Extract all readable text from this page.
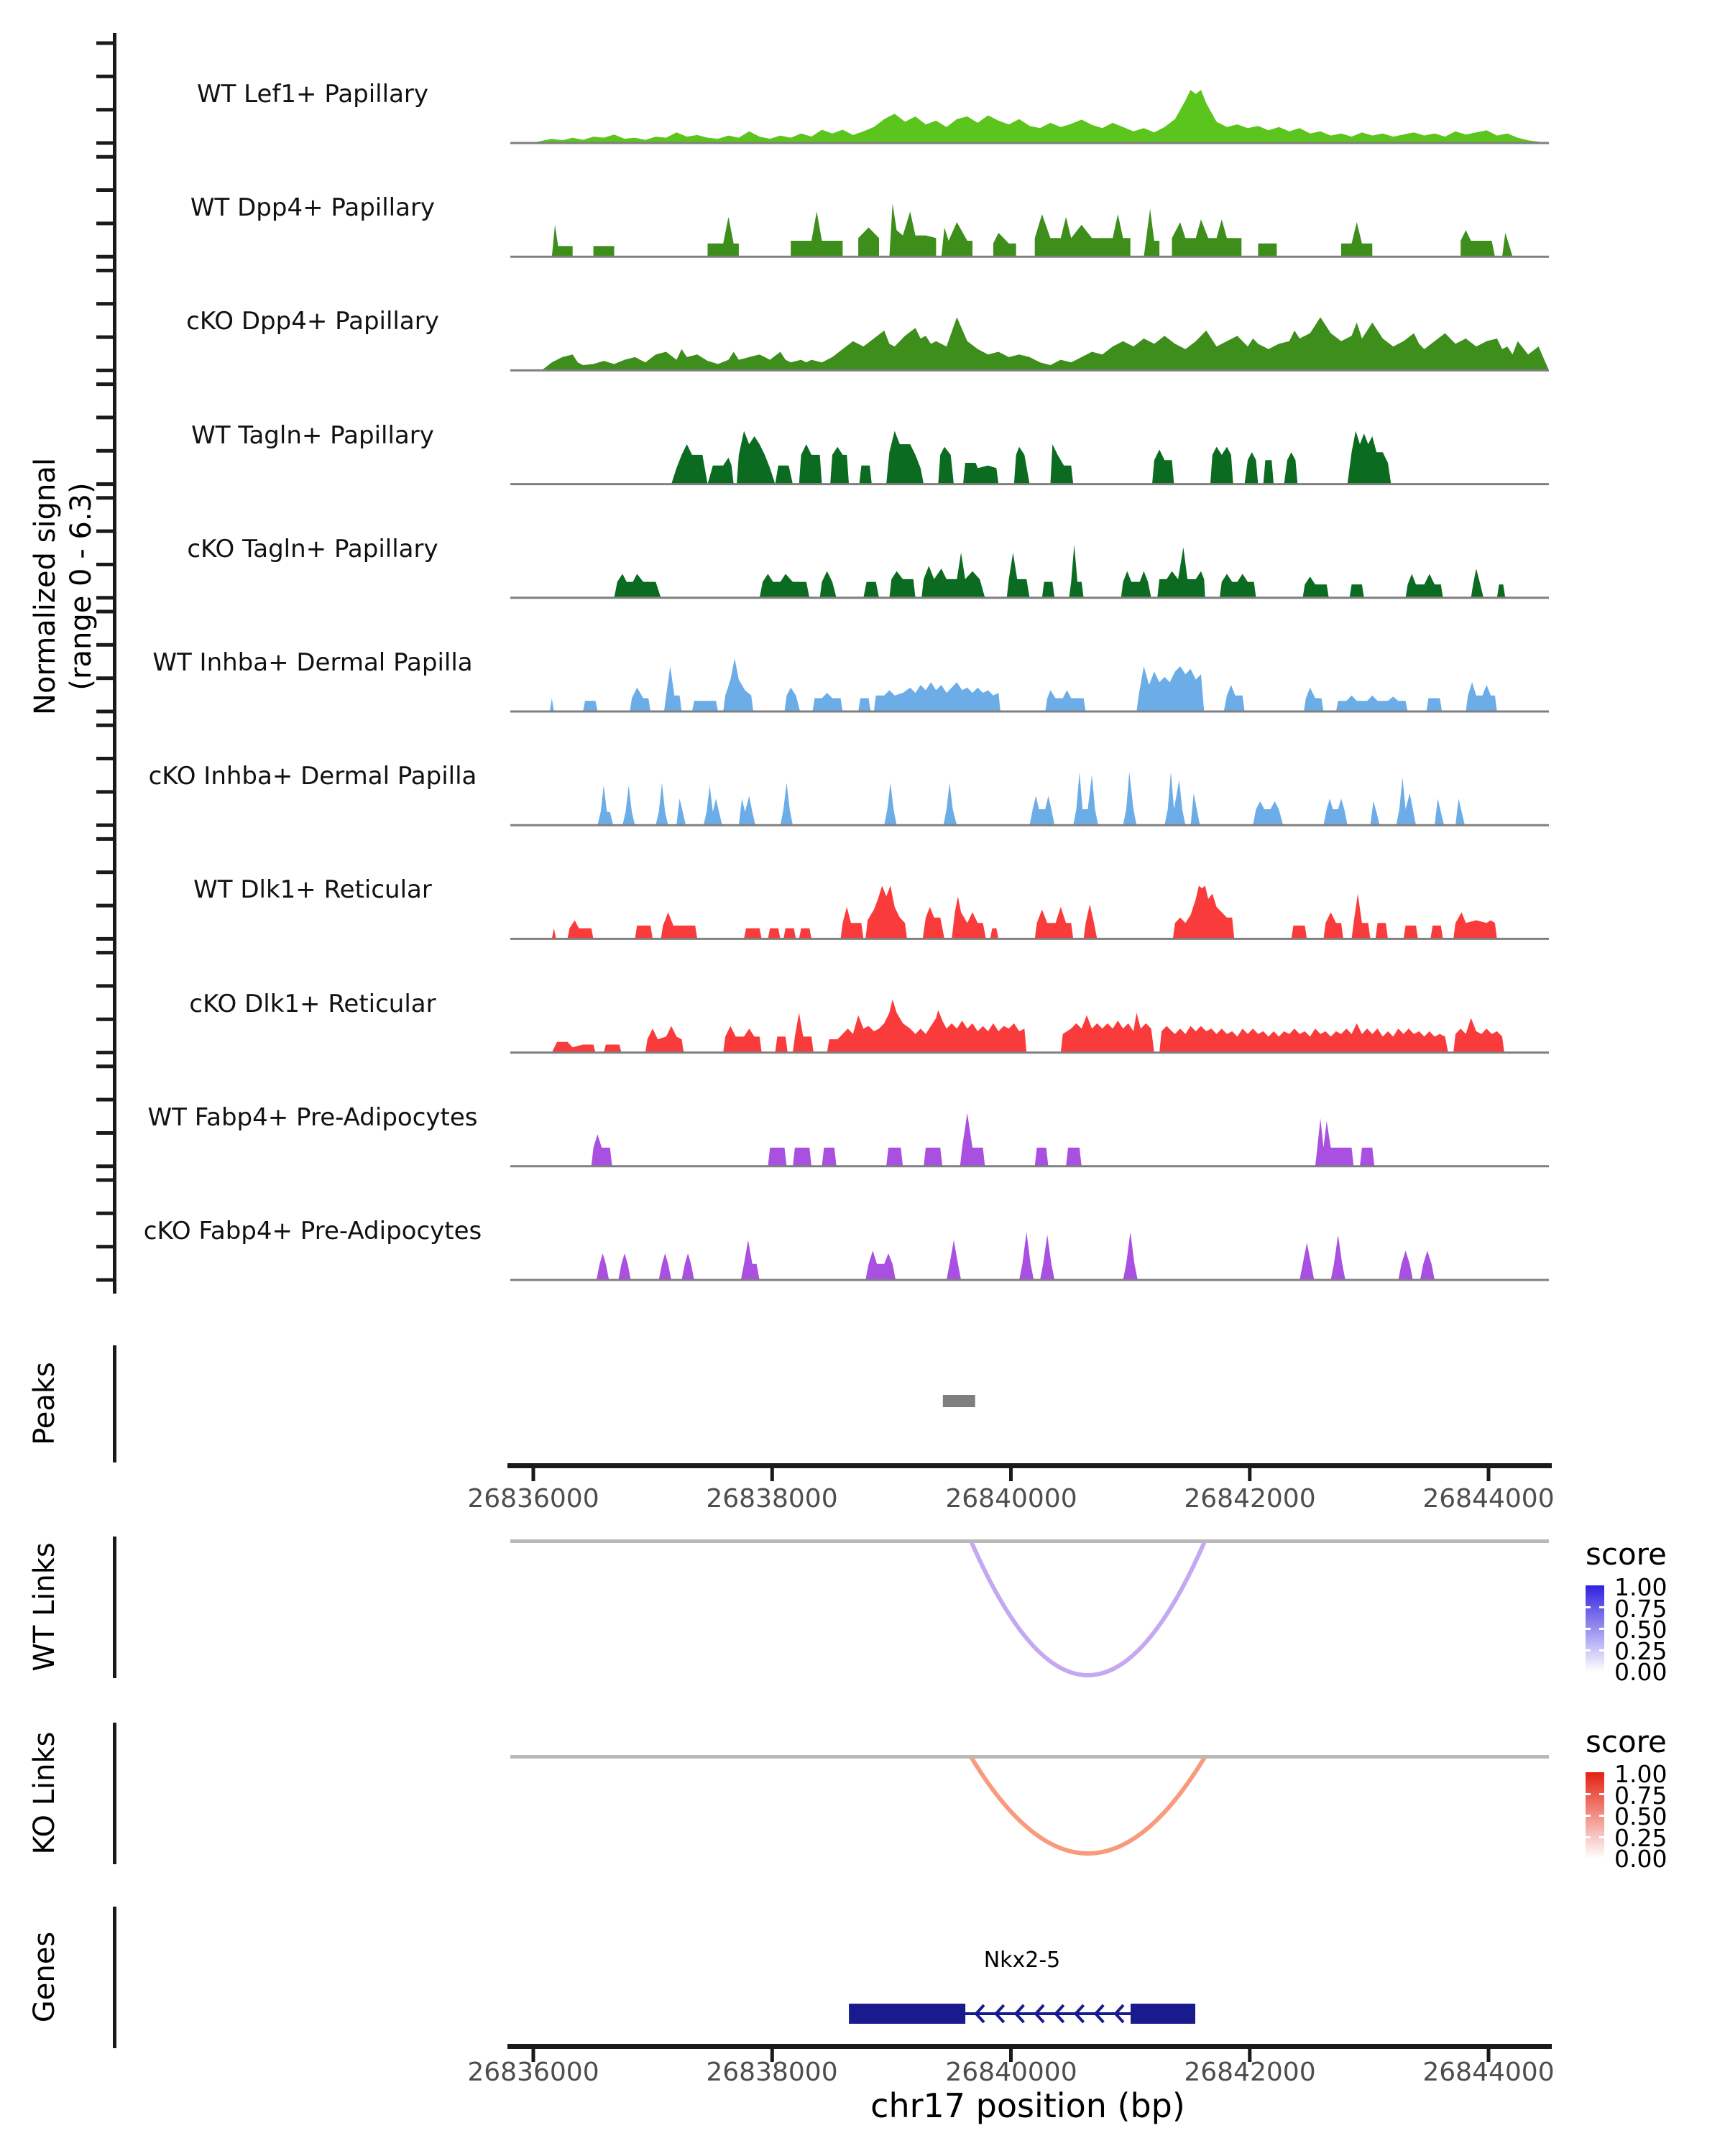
Normalized signal (range 0 - 6.3)
WT Lef1+ Papillary
WT Dpp4+ Papillary
cKO Dpp4+ Papillary
WT Tagln+ Papillary
cKO Tagln+ Papillary
WT Inhba+ Dermal Papilla
cKO Inhba+ Dermal Papilla
WT Dlk1+ Reticular
cKO Dlk1+ Reticular
WT Fabp4+ Pre-Adipocytes
cKO Fabp4+ Pre-Adipocytes
Peaks
26836000	26838000	26840000	26842000	26844000
WT Links	score
1.00
0.75
0.50
0.25
0.00
KO Links	score
1.00
0.75
0.50
0.25
0.00
Genes	Nkx2-5
26836000	26838000	26840000	26842000	26844000
chr17 position (bp)
